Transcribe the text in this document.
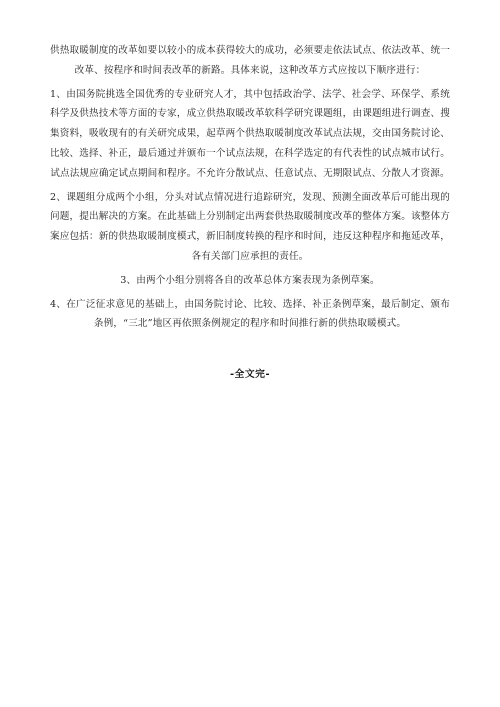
供热取暖制度的改革如要以较小的成本获得较大的成功，必须要走依法试点、依法改革、统一改革、按程序和时间表改革的新路。具体来说，这种改革方式应按以下顺序进行：

1、由国务院挑选全国优秀的专业研究人才，其中包括政治学、法学、社会学、环保学、系统科学及供热技术等方面的专家，成立供热取暖改革软科学研究课题组，由课题组进行调查、搜集资料，吸收现有的有关研究成果，起草两个供热取暖制度改革试点法规，交由国务院讨论、比较、选择、补正，最后通过并颁布一个试点法规，在科学选定的有代表性的试点城市试行。试点法规应确定试点期间和程序。不允许分散试点、任意试点、无期限试点、分散人才资源。

2、课题组分成两个小组，分头对试点情况进行追踪研究，发现、预测全面改革后可能出现的问题，提出解决的方案。在此基础上分别制定出两套供热取暖制度改革的整体方案。该整体方案应包括：新的供热取暖制度模式，新旧制度转换的程序和时间，违反这种程序和拖延改革，各有关部门应承担的责任。

3、由两个小组分别将各自的改革总体方案表现为条例草案。

4、在广泛征求意见的基础上，由国务院讨论、比较、选择、补正条例草案，最后制定、颁布条例，“三北”地区再依照条例规定的程序和时间推行新的供热取暖模式。

-全文完-
